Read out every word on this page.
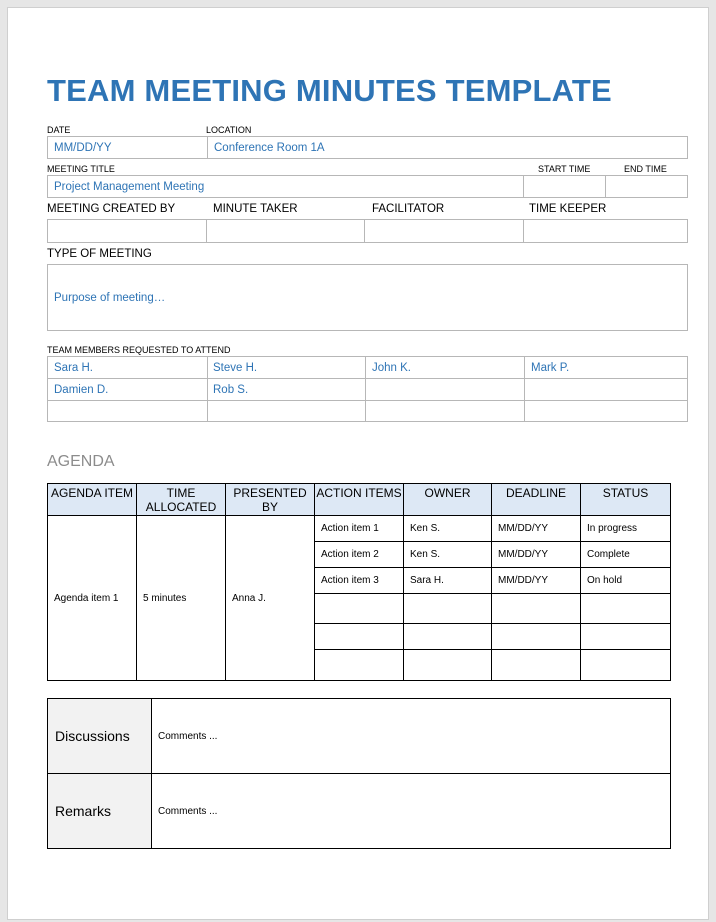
TEAM MEETING MINUTES TEMPLATE
DATE	LOCATION
MM/DD/YY	Conference Room 1A
MEETING TITLE	START TIME	END TIME
Project Management Meeting
MEETING CREATED BY	MINUTE TAKER	FACILITATOR	TIME KEEPER
TYPE OF MEETING
Purpose of meeting…
TEAM MEMBERS REQUESTED TO ATTEND
Sara H.	Steve H.	John K.	Mark P.
Damien D.	Rob S.
AGENDA
AGENDA ITEM	TIME ALLOCATED	PRESENTED BY	ACTION ITEMS	OWNER	DEADLINE	STATUS
Agenda item 1	5 minutes	Anna J.	Action item 1	Ken S.	MM/DD/YY	In progress
			Action item 2	Ken S.	MM/DD/YY	Complete
			Action item 3	Sara H.	MM/DD/YY	On hold

Discussions	Comments ...
Remarks	Comments ...
